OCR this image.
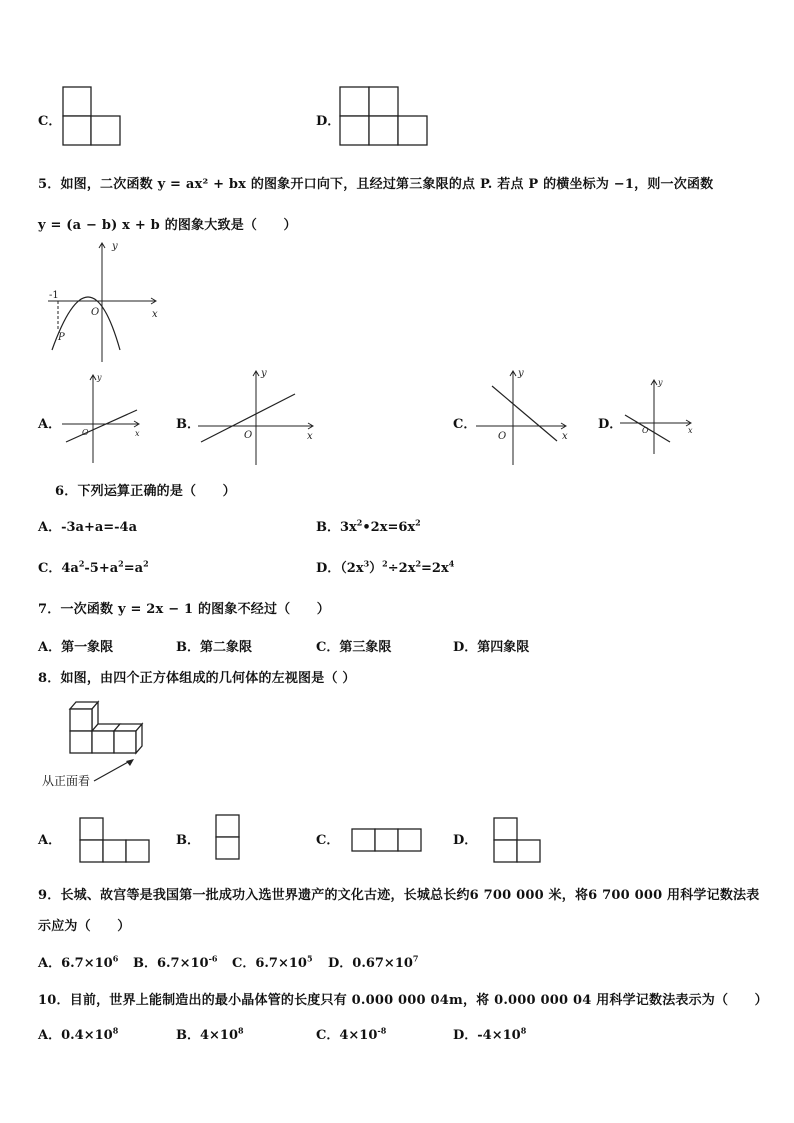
C．	D．
5．如图，二次函数 y = ax² + bx 的图象开口向下，且经过第三象限的点 P. 若点 P 的横坐标为 −1，则一次函数
y = (a − b) x + b 的图象大致是（　　）
y
x
O
-1
P
A．
y
x
O
B．
y
x
O
C．
y
x
O
D．
y
x
O
6．下列运算正确的是（　　）
A．-3a+a=-4a	B．$3x^2•2x=6x^2$
C．$4a^2-5+a^2=a^2$	D．$(2x^3)^2\div 2x^2=2x^4$
7．一次函数 y = 2x − 1 的图象不经过（　　）
A．第一象限	B．第二象限	C．第三象限	D．第四象限
8．如图，由四个正方体组成的几何体的左视图是（ ）
从正面看
A．	B．	C．	D．
9．长城、故宫等是我国第一批成功入选世界遗产的文化古迹，长城总长约6 700 000 米，将6 700 000 用科学记数法表
示应为（　　）
A．$6.7\times 10^6$ B．$6.7\times 10^{-6}$ C．$6.7\times 10^5$ D．$0.67\times 10^7$
10．目前，世界上能制造出的最小晶体管的长度只有 0.000 000 04m，将 0.000 000 04 用科学记数法表示为（　　）
A．$0.4\times 10^8$	B．$4\times 10^8$	C．$4\times 10^{-8}$	D．$-4\times 10^8$
